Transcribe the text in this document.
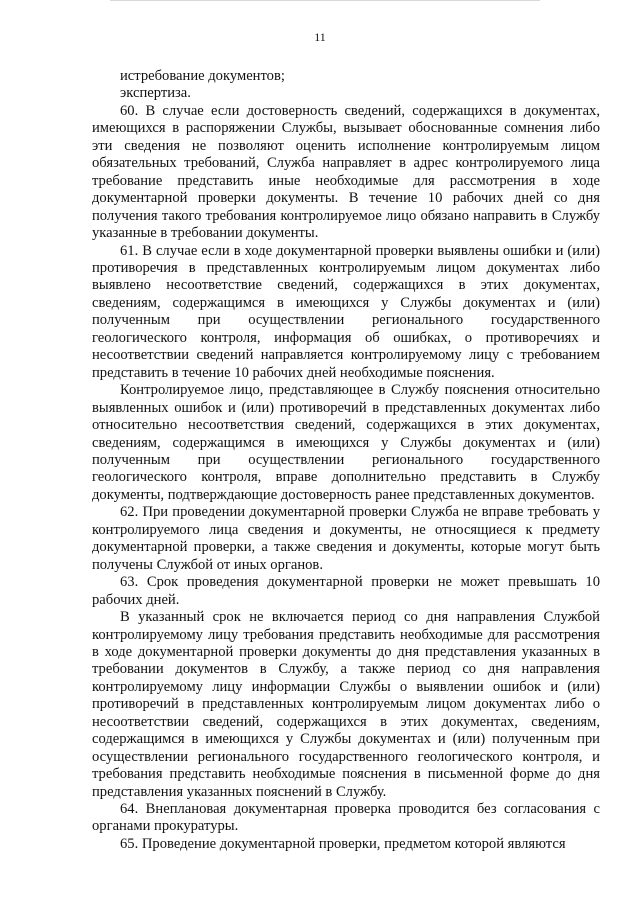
11

истребование документов;

экспертиза.

60. В случае если достоверность сведений, содержащихся в документах, имеющихся в распоряжении Службы, вызывает обоснованные сомнения либо эти сведения не позволяют оценить исполнение контролируемым лицом обязательных требований, Служба направляет в адрес контролируемого лица требование представить иные необходимые для рассмотрения в ходе документарной проверки документы. В течение 10 рабочих дней со дня получения такого требования контролируемое лицо обязано направить в Службу указанные в требовании документы.

61. В случае если в ходе документарной проверки выявлены ошибки и (или) противоречия в представленных контролируемым лицом документах либо выявлено несоответствие сведений, содержащихся в этих документах, сведениям, содержащимся в имеющихся у Службы документах и (или) полученным при осуществлении регионального государственного геологического контроля, информация об ошибках, о противоречиях и несоответствии сведений направляется контролируемому лицу с требованием представить в течение 10 рабочих дней необходимые пояснения.

Контролируемое лицо, представляющее в Службу пояснения относительно выявленных ошибок и (или) противоречий в представленных документах либо относительно несоответствия сведений, содержащихся в этих документах, сведениям, содержащимся в имеющихся у Службы документах и (или) полученным при осуществлении регионального государственного геологического контроля, вправе дополнительно представить в Службу документы, подтверждающие достоверность ранее представленных документов.

62. При проведении документарной проверки Служба не вправе требовать у контролируемого лица сведения и документы, не относящиеся к предмету документарной проверки, а также сведения и документы, которые могут быть получены Службой от иных органов.

63. Срок проведения документарной проверки не может превышать 10 рабочих дней.

В указанный срок не включается период со дня направления Службой контролируемому лицу требования представить необходимые для рассмотрения в ходе документарной проверки документы до дня представления указанных в требовании документов в Службу, а также период со дня направления контролируемому лицу информации Службы о выявлении ошибок и (или) противоречий в представленных контролируемым лицом документах либо о несоответствии сведений, содержащихся в этих документах, сведениям, содержащимся в имеющихся у Службы документах и (или) полученным при осуществлении регионального государственного геологического контроля, и требования представить необходимые пояснения в письменной форме до дня представления указанных пояснений в Службу.

64. Внеплановая документарная проверка проводится без согласования с органами прокуратуры.

65. Проведение документарной проверки, предметом которой являются
